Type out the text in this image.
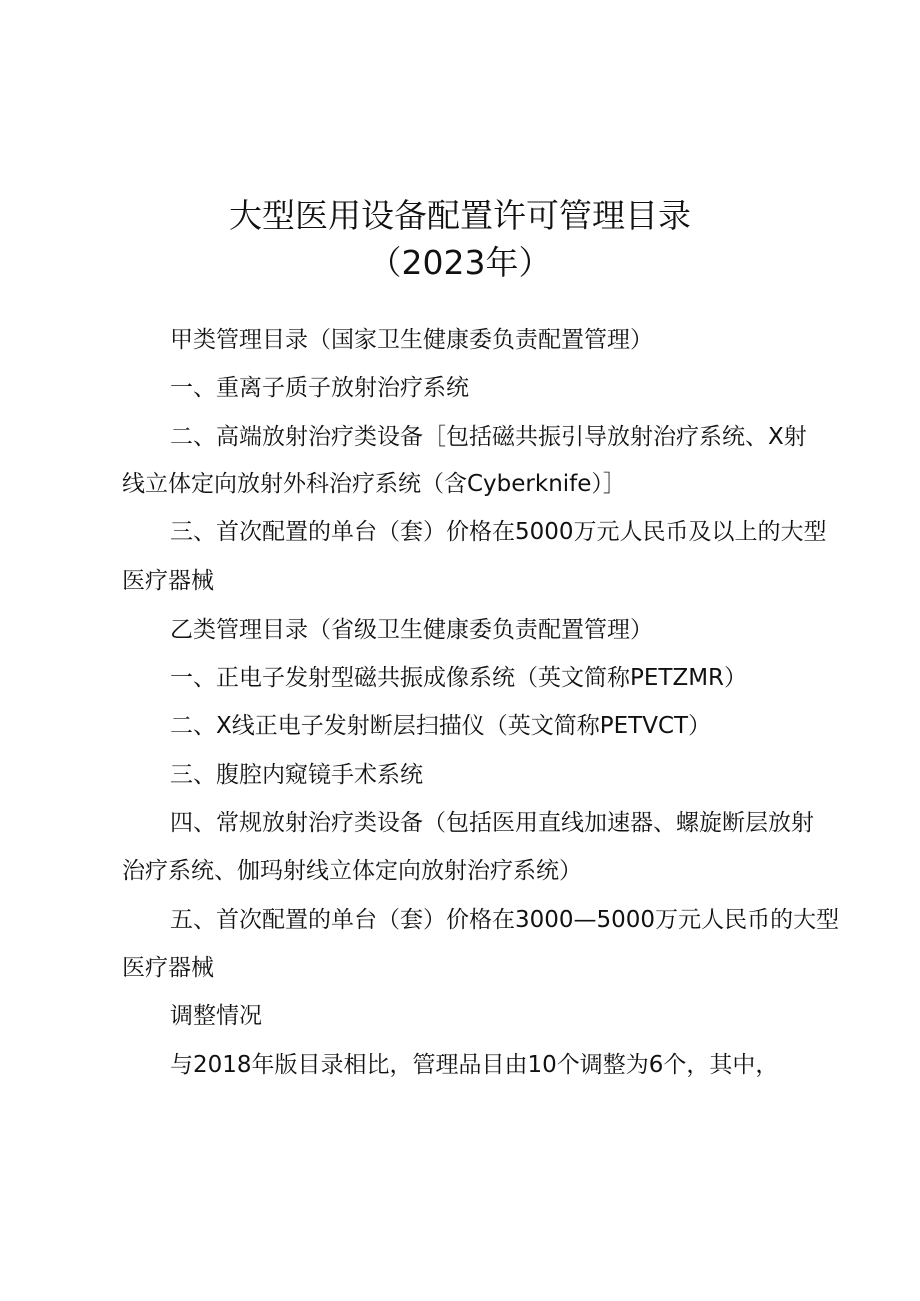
大型医用设备配置许可管理目录
（2023年）
甲类管理目录（国家卫生健康委负责配置管理）
一、重离子质子放射治疗系统
二、高端放射治疗类设备［包括磁共振引导放射治疗系统、X射
线立体定向放射外科治疗系统（含Cyberknife）］
三、首次配置的单台（套）价格在5000万元人民币及以上的大型
医疗器械
乙类管理目录（省级卫生健康委负责配置管理）
一、正电子发射型磁共振成像系统（英文简称PETZMR）
二、X线正电子发射断层扫描仪（英文简称PETVCT）
三、腹腔内窥镜手术系统
四、常规放射治疗类设备（包括医用直线加速器、螺旋断层放射
治疗系统、伽玛射线立体定向放射治疗系统）
五、首次配置的单台（套）价格在3000—5000万元人民币的大型
医疗器械
调整情况
与2018年版目录相比，管理品目由10个调整为6个，其中，
